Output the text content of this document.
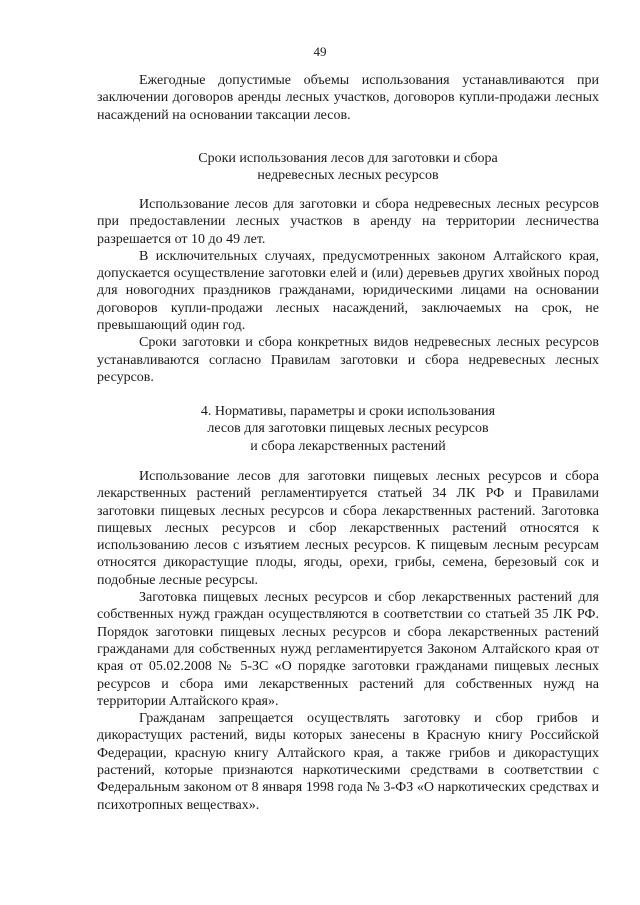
49

Ежегодные допустимые объемы использования устанавливаются при заключении договоров аренды лесных участков, договоров купли-продажи лесных насаждений на основании таксации лесов.

Сроки использования лесов для заготовки и сбора
недревесных лесных ресурсов

Использование лесов для заготовки и сбора недревесных лесных ресурсов при предоставлении лесных участков в аренду на территории лесничества разрешается от 10 до 49 лет.

В исключительных случаях, предусмотренных законом Алтайского края, допускается осуществление заготовки елей и (или) деревьев других хвойных пород для новогодних праздников гражданами, юридическими лицами на основании договоров купли-продажи лесных насаждений, заключаемых на срок, не превышающий один год.

Сроки заготовки и сбора конкретных видов недревесных лесных ресурсов устанавливаются согласно Правилам заготовки и сбора недревесных лесных ресурсов.

4. Нормативы, параметры и сроки использования
лесов для заготовки пищевых лесных ресурсов
и сбора лекарственных растений

Использование лесов для заготовки пищевых лесных ресурсов и сбора лекарственных растений регламентируется статьей 34 ЛК РФ и Правилами заготовки пищевых лесных ресурсов и сбора лекарственных растений. Заготовка пищевых лесных ресурсов и сбор лекарственных растений относятся к использованию лесов с изъятием лесных ресурсов. К пищевым лесным ресурсам относятся дикорастущие плоды, ягоды, орехи, грибы, семена, березовый сок и подобные лесные ресурсы.

Заготовка пищевых лесных ресурсов и сбор лекарственных растений для собственных нужд граждан осуществляются в соответствии со статьей 35 ЛК РФ. Порядок заготовки пищевых лесных ресурсов и сбора лекарственных растений гражданами для собственных нужд регламентируется Законом Алтайского края от края от 05.02.2008 № 5-ЗС «О порядке заготовки гражданами пищевых лесных ресурсов и сбора ими лекарственных растений для собственных нужд на территории Алтайского края».

Гражданам запрещается осуществлять заготовку и сбор грибов и дикорастущих растений, виды которых занесены в Красную книгу Российской Федерации, красную книгу Алтайского края, а также грибов и дикорастущих растений, которые признаются наркотическими средствами в соответствии с Федеральным законом от 8 января 1998 года № 3-ФЗ «О наркотических средствах и психотропных веществах».
